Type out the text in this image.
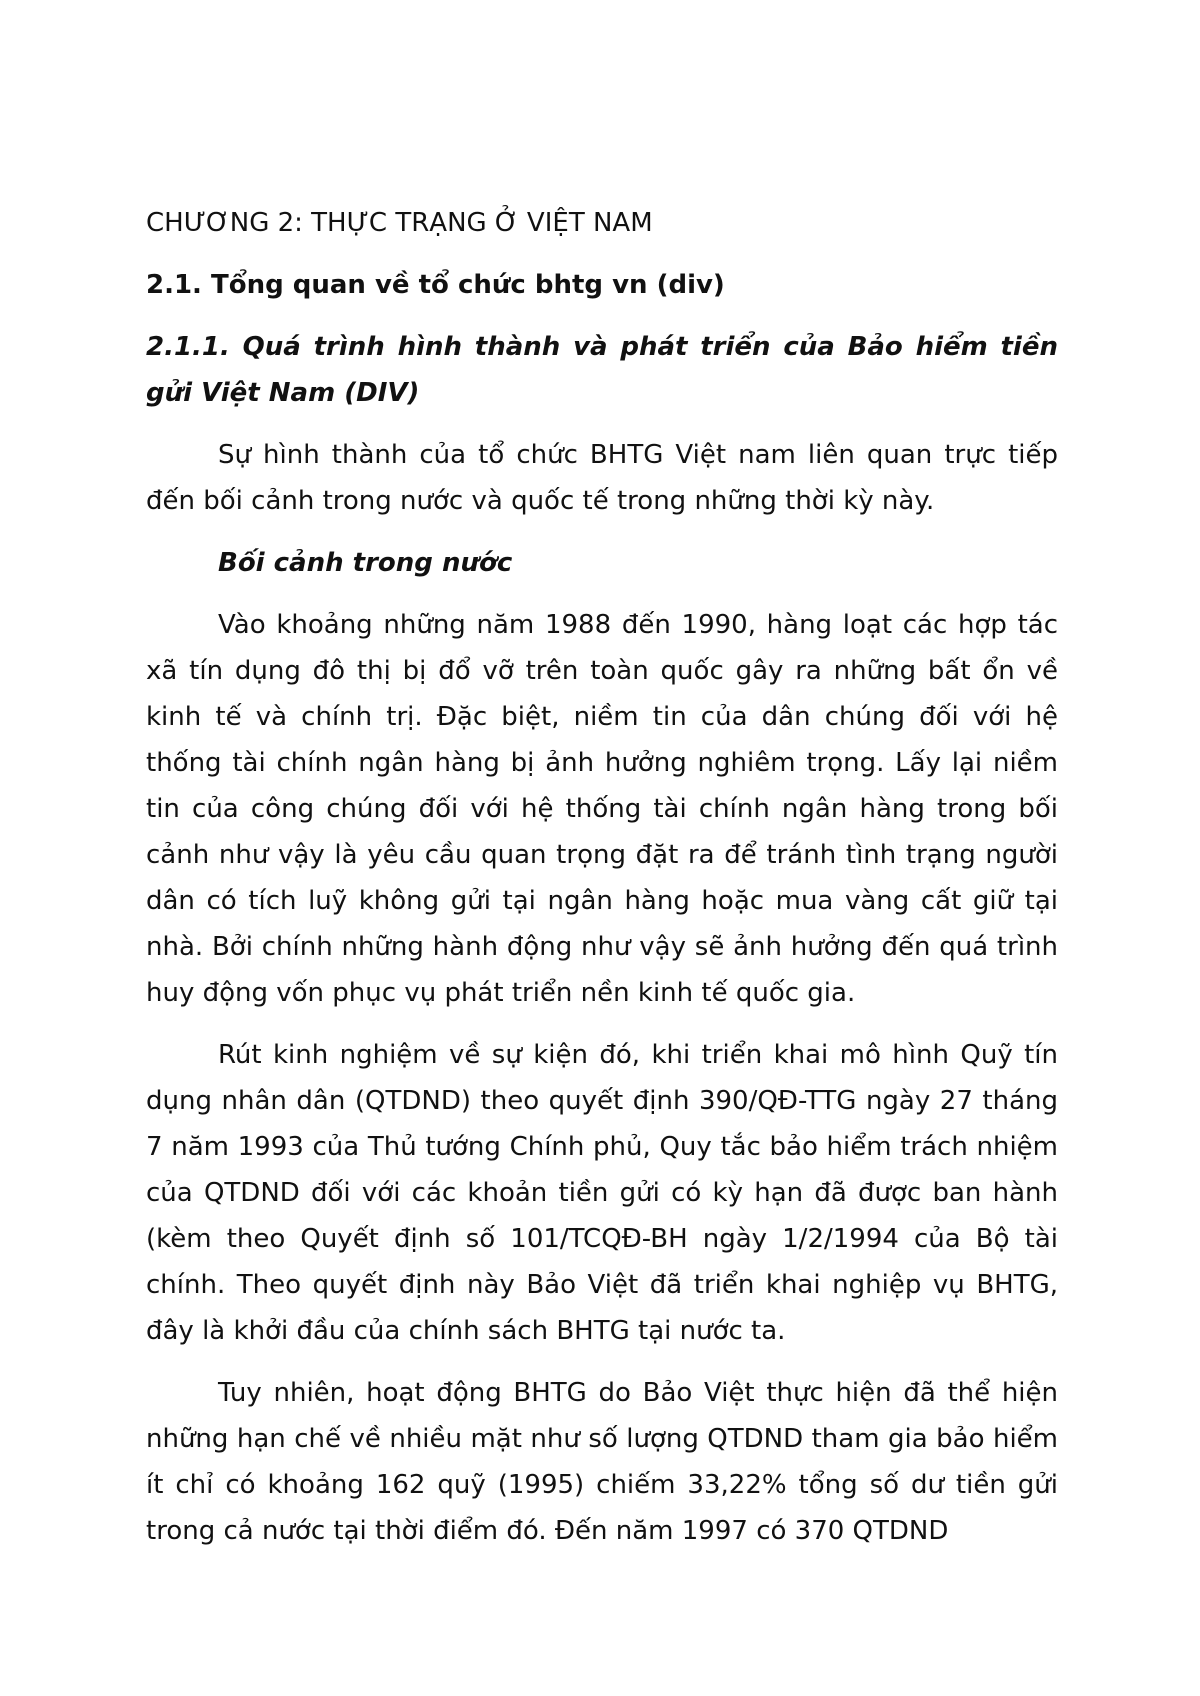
CHƯƠNG 2: THỰC TRẠNG Ở VIỆT NAM
2.1. Tổng quan về tổ chức bhtg vn (div)
2.1.1. Quá trình hình thành và phát triển của Bảo hiểm tiền gửi Việt Nam (DIV)

Sự hình thành của tổ chức BHTG Việt nam liên quan trực tiếp đến bối cảnh trong nước và quốc tế trong những thời kỳ này.

Bối cảnh trong nước

Vào khoảng những năm 1988 đến 1990, hàng loạt các hợp tác xã tín dụng đô thị bị đổ vỡ trên toàn quốc gây ra những bất ổn về kinh tế và chính trị. Đặc biệt, niềm tin của dân chúng đối với hệ thống tài chính ngân hàng bị ảnh hưởng nghiêm trọng. Lấy lại niềm tin của công chúng đối với hệ thống tài chính ngân hàng trong bối cảnh như vậy là yêu cầu quan trọng đặt ra để tránh tình trạng người dân có tích luỹ không gửi tại ngân hàng hoặc mua vàng cất giữ tại nhà. Bởi chính những hành động như vậy sẽ ảnh hưởng đến quá trình huy động vốn phục vụ phát triển nền kinh tế quốc gia.

Rút kinh nghiệm về sự kiện đó, khi triển khai mô hình Quỹ tín dụng nhân dân (QTDND) theo quyết định 390/QĐ-TTG ngày 27 tháng 7 năm 1993 của Thủ tướng Chính phủ, Quy tắc bảo hiểm trách nhiệm của QTDND đối với các khoản tiền gửi có kỳ hạn đã được ban hành (kèm theo Quyết định số 101/TCQĐ-BH ngày 1/2/1994 của Bộ tài chính. Theo quyết định này Bảo Việt đã triển khai nghiệp vụ BHTG, đây là khởi đầu của chính sách BHTG tại nước ta.

Tuy nhiên, hoạt động BHTG do Bảo Việt thực hiện đã thể hiện những hạn chế về nhiều mặt như số lượng QTDND tham gia bảo hiểm ít chỉ có khoảng 162 quỹ (1995) chiếm 33,22% tổng số dư tiền gửi trong cả nước tại thời điểm đó. Đến năm 1997 có 370 QTDND
